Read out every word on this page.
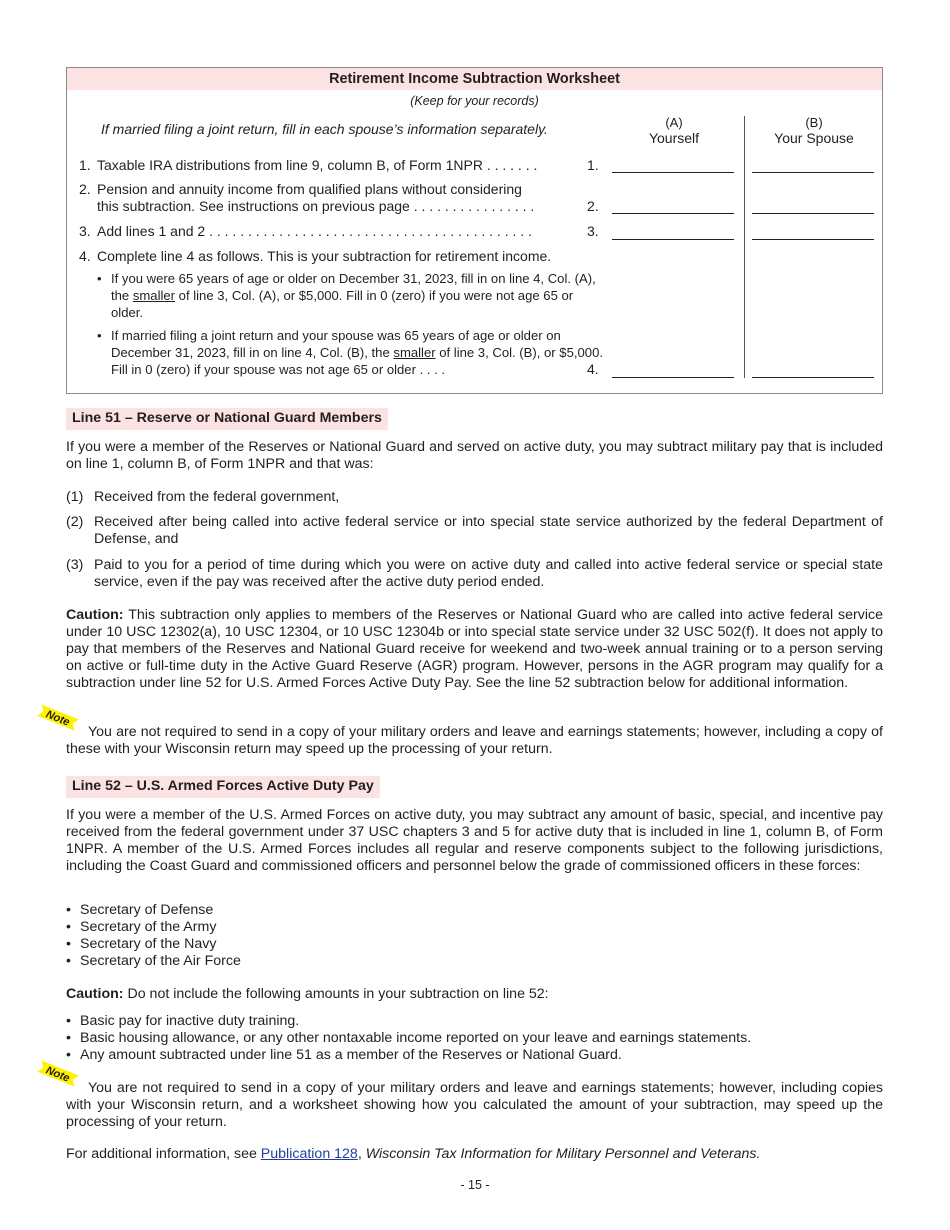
Retirement Income Subtraction Worksheet
(Keep for your records)
If married filing a joint return, fill in each spouse’s information separately.	(A)
Yourself
(B)
Your Spouse
1. Taxable IRA distributions from line 9, column B, of Form 1NPR . . . . . . .	1.
2. Pension and annuity income from qualified plans without considering
this subtraction. See instructions on previous page . . . . . . . . . . . . . . . .	2.
3. Add lines 1 and 2 . . . . . . . . . . . . . . . . . . . . . . . . . . . . . . . . . . . . . . . . . .	3.
4. Complete line 4 as follows. This is your subtraction for retirement income.
• If you were 65 years of age or older on December 31, 2023, fill in on line 4, Col. (A), the smaller of line 3, Col. (A), or $5,000. Fill in 0 (zero) if you were not age 65 or older.
• If married filing a joint return and your spouse was 65 years of age or older on December 31, 2023, fill in on line 4, Col. (B), the smaller of line 3, Col. (B), or $5,000. Fill in 0 (zero) if your spouse was not age 65 or older . . . .	4.
Line 51 – Reserve or National Guard Members
If you were a member of the Reserves or National Guard and served on active duty, you may subtract military pay that is included on line 1, column B, of Form 1NPR and that was:
(1) Received from the federal government,
(2) Received after being called into active federal service or into special state service authorized by the federal Department of Defense, and
(3) Paid to you for a period of time during which you were on active duty and called into active federal service or special state service, even if the pay was received after the active duty period ended.
Caution: This subtraction only applies to members of the Reserves or National Guard who are called into active federal service under 10 USC 12302(a), 10 USC 12304, or 10 USC 12304b or into special state service under 32 USC 502(f). It does not apply to pay that members of the Reserves and National Guard receive for weekend and two-week annual training or to a person serving on active or full-time duty in the Active Guard Reserve (AGR) program. However, persons in the AGR program may qualify for a subtraction under line 52 for U.S. Armed Forces Active Duty Pay. See the line 52 subtraction below for additional information.
Note
You are not required to send in a copy of your military orders and leave and earnings statements; however, including a copy of these with your Wisconsin return may speed up the processing of your return.
Line 52 – U.S. Armed Forces Active Duty Pay
If you were a member of the U.S. Armed Forces on active duty, you may subtract any amount of basic, special, and incentive pay received from the federal government under 37 USC chapters 3 and 5 for active duty that is included in line 1, column B, of Form 1NPR. A member of the U.S. Armed Forces includes all regular and reserve components subject to the following jurisdictions, including the Coast Guard and commissioned officers and personnel below the grade of commissioned officers in these forces:
• Secretary of Defense
• Secretary of the Army
• Secretary of the Navy
• Secretary of the Air Force
Caution: Do not include the following amounts in your subtraction on line 52:
• Basic pay for inactive duty training.
• Basic housing allowance, or any other nontaxable income reported on your leave and earnings statements.
• Any amount subtracted under line 51 as a member of the Reserves or National Guard.
Note
You are not required to send in a copy of your military orders and leave and earnings statements; however, including copies with your Wisconsin return, and a worksheet showing how you calculated the amount of your subtraction, may speed up the processing of your return.
For additional information, see Publication 128, Wisconsin Tax Information for Military Personnel and Veterans.
- 15 -
